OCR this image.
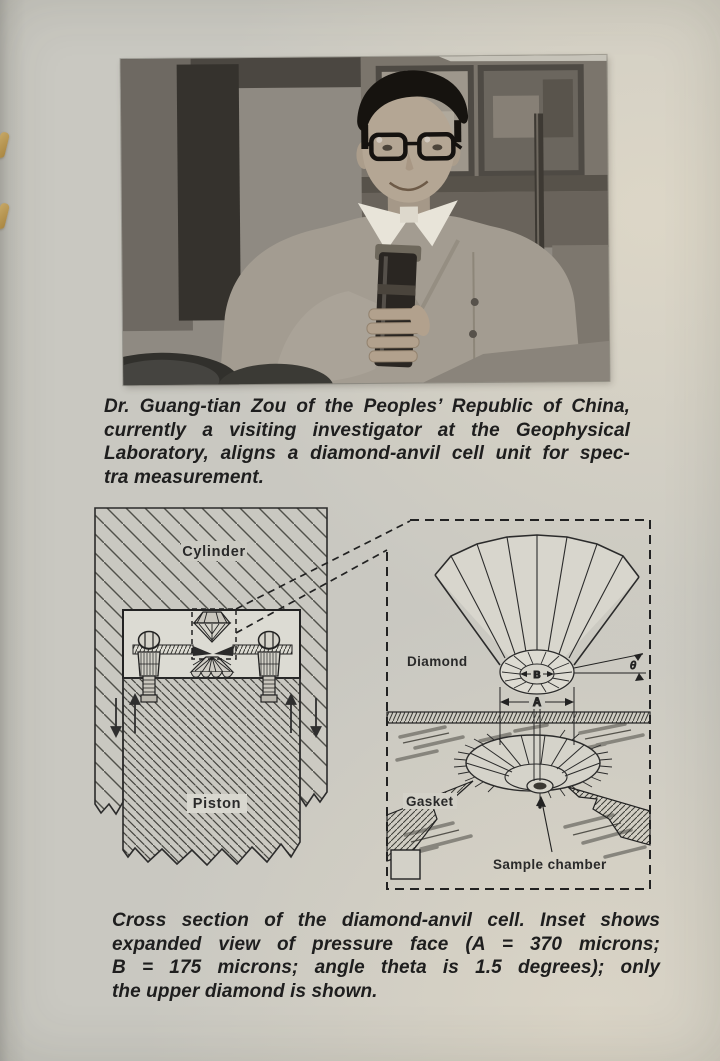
Dr. Guang-tian Zou of the Peoples’ Republic of China,
currently a visiting investigator at the Geophysical
Laboratory, aligns a diamond-anvil cell unit for spec-
tra measurement.
Cylinder
Piston
B
A
θ
Diamond
Gasket
Sample chamber
Cross section of the diamond-anvil cell. Inset shows
expanded view of pressure face (A = 370 microns;
B = 175 microns; angle theta is 1.5 degrees); only
the upper diamond is shown.
